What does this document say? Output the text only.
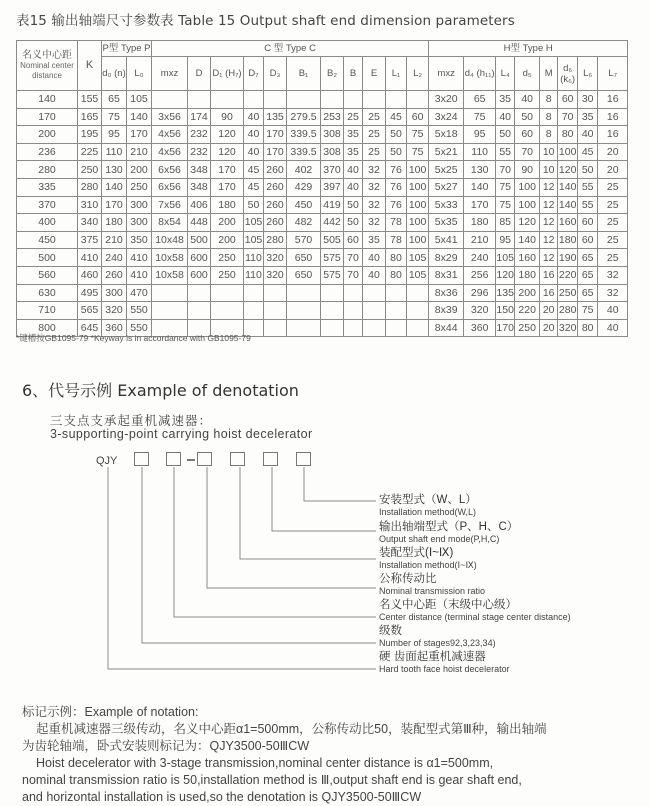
表15 输出轴端尺寸参数表 Table 15 Output shaft end dimension parameters
名义中心距
Nominal center
distance	K	P型 Type P		C 型 Type C											H型 Type H							
		d₀ (n)	L₀	mxz	D	D₁ (H₇)	D₇	D₃	B₁	B₂	B	E	L₁	L₂	mxz	d₄ (h₁₁)	L₄	d₅	M	d₆ (k₆)	L₆	L₇
140	155	65	105												3x20	65	35	40	8	60	30	16
170	165	75	140	3x56	174	90	40	135	279.5	253	25	25	45	60	3x24	75	40	50	8	70	35	16
200	195	95	170	4x56	232	120	40	170	339.5	308	35	25	50	75	5x18	95	50	60	8	80	40	16
236	225	110	210	4x56	232	120	40	170	339.5	308	35	25	50	75	5x21	110	55	70	10	100	45	20
280	250	130	200	6x56	348	170	45	260	402	370	40	32	76	100	5x25	130	70	90	10	120	50	20
335	280	140	250	6x56	348	170	45	260	429	397	40	32	76	100	5x27	140	75	100	12	140	55	25
370	310	170	300	7x56	406	180	50	260	450	419	50	32	76	100	5x33	170	75	100	12	140	55	25
400	340	180	300	8x54	448	200	105	260	482	442	50	32	78	100	5x35	180	85	120	12	160	60	25
450	375	210	350	10x48	500	200	105	280	570	505	60	35	78	100	5x41	210	95	140	12	180	60	25
500	410	240	410	10x58	600	250	110	320	650	575	70	40	80	105	8x29	240	105	160	12	190	65	25
560	460	260	410	10x58	600	250	110	320	650	575	70	40	80	105	8x31	256	120	180	16	220	65	32
630	495	300	470												8x36	296	135	200	16	250	65	32
710	565	320	550												8x39	320	150	220	20	280	75	40
800	645	360	550												8x44	360	170	250	20	320	80	40
*键槽按GB1095-79 *Keyway is in accordance with GB1095-79
6、代号示例 Example of denotation
三支点支承起重机减速器：
3-supporting-point carrying hoist decelerator
QJY
安装型式（W、L）
Installation method(W,L)
输出轴端型式（P、H、C）
Output shaft end mode(P,H,C)
装配型式(Ⅰ~Ⅸ)
Installation method(Ⅰ~Ⅸ)
公称传动比
Nominal transmission ratio
名义中心距（末级中心级）
Center distance (terminal stage center distance)
级数
Number of stages92,3,23,34)
硬 齿面起重机减速器
Hard tooth face hoist decelerator

标记示例：Example of notation:

起重机减速器三级传动，名义中心距α1=500mm，公称传动比50，装配型式第Ⅲ种，输出轴端

为齿轮轴端，卧式安装则标记为：QJY3500-50ⅢCW

Hoist decelerator with 3-stage transmission,nominal center distance is α1=500mm,

nominal transmission ratio is 50,installation method is Ⅲ,output shaft end is gear shaft end,

and horizontal installation is used,so the denotation is QJY3500-50ⅢCW
